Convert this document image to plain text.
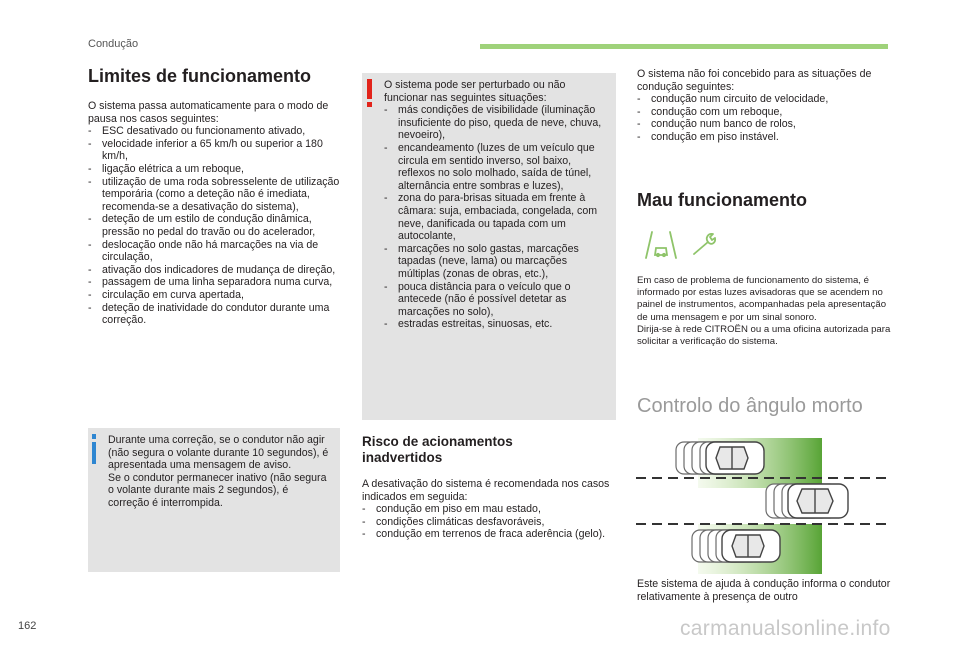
Condução
Limites de funcionamento

O sistema passa automaticamente para o modo de pausa nos casos seguintes:

- ESC desativado ou funcionamento ativado,
- velocidade inferior a 65 km/h ou superior a 180 km/h,
- ligação elétrica a um reboque,
- utilização de uma roda sobresselente de utilização temporária (como a deteção não é imediata, recomenda-se a desativação do sistema),
- deteção de um estilo de condução dinâmica, pressão no pedal do travão ou do acelerador,
- deslocação onde não há marcações na via de circulação,
- ativação dos indicadores de mudança de direção,
- passagem de uma linha separadora numa curva,
- circulação em curva apertada,
- deteção de inatividade do condutor durante uma correção.

Durante uma correção, se o condutor não agir (não segura o volante durante 10 segundos), é apresentada uma mensagem de aviso.

Se o condutor permanecer inativo (não segura o volante durante mais 2 segundos), é correção é interrompida.

O sistema pode ser perturbado ou não funcionar nas seguintes situações:

- más condições de visibilidade (iluminação insuficiente do piso, queda de neve, chuva, nevoeiro),
- encandeamento (luzes de um veículo que circula em sentido inverso, sol baixo, reflexos no solo molhado, saída de túnel, alternância entre sombras e luzes),
- zona do para-brisas situada em frente à câmara: suja, embaciada, congelada, com neve, danificada ou tapada com um autocolante,
- marcações no solo gastas, marcações tapadas (neve, lama) ou marcações múltiplas (zonas de obras, etc.),
- pouca distância para o veículo que o antecede (não é possível detetar as marcações no solo),
- estradas estreitas, sinuosas, etc.
Risco de acionamentos
inadvertidos

A desativação do sistema é recomendada nos casos indicados em seguida:

- condução em piso em mau estado,
- condições climáticas desfavoráveis,
- condução em terrenos de fraca aderência (gelo).

O sistema não foi concebido para as situações de condução seguintes:

- condução num circuito de velocidade,
- condução com um reboque,
- condução num banco de rolos,
- condução em piso instável.
Mau funcionamento

Em caso de problema de funcionamento do sistema, é informado por estas luzes avisadoras que se acendem no painel de instrumentos, acompanhadas pela apresentação de uma mensagem e por um sinal sonoro.

Dirija-se à rede CITROËN ou a uma oficina autorizada para solicitar a verificação do sistema.

Controlo do ângulo morto

Este sistema de ajuda à condução informa o condutor relativamente à presença de outro

162	carmanualsonline.info
